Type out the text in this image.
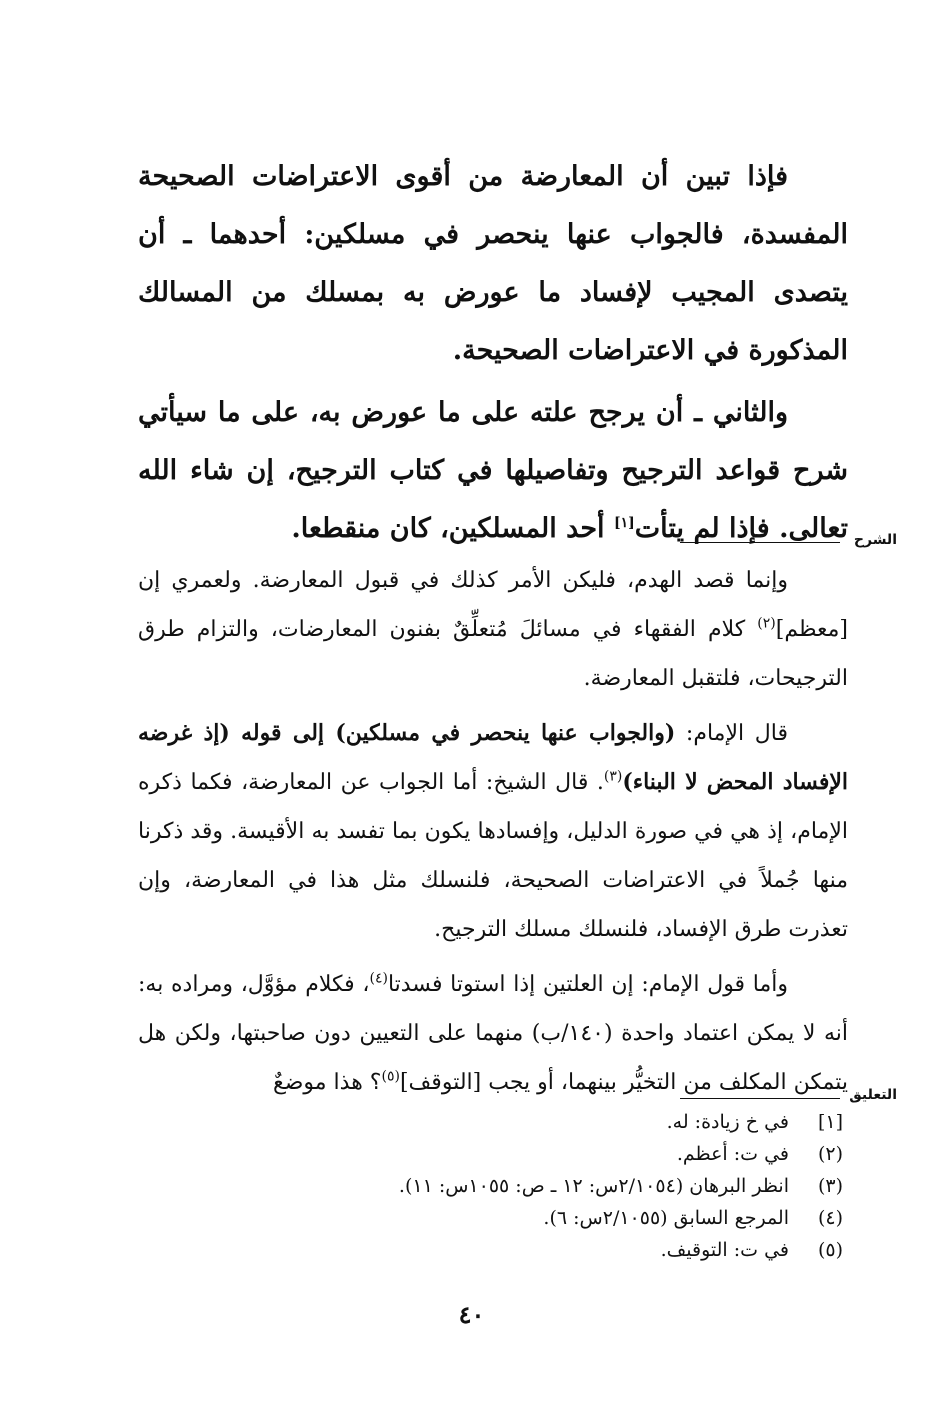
فإذا تبين أن المعارضة من أقوى الاعتراضات الصحيحة المفسدة، فالجواب عنها ينحصر في مسلكين: أحدهما ـ أن يتصدى المجيب لإفساد ما عورض به بمسلك من المسالك المذكورة في الاعتراضات الصحيحة.

والثاني ـ أن يرجح علته على ما عورض به، على ما سيأتي شرح قواعد الترجيح وتفاصيلها في كتاب الترجيح، إن شاء الله تعالى. فإذا لم يتأت[١] أحد المسلكين، كان منقطعا.	الشرح

وإنما قصد الهدم، فليكن الأمر كذلك في قبول المعارضة. ولعمري إن [معظم]$^{(٢)}$ كلام الفقهاء في مسائلَ مُتعلِّقٌ بفنون المعارضات، والتزام طرق الترجيحات، فلتقبل المعارضة.

قال الإمام: (والجواب عنها ينحصر في مسلكين) إلى قوله (إذ غرضه الإفساد المحض لا البناء)$^{(٣)}$. قال الشيخ: أما الجواب عن المعارضة، فكما ذكره الإمام، إذ هي في صورة الدليل، وإفسادها يكون بما تفسد به الأقيسة. وقد ذكرنا منها جُملاً في الاعتراضات الصحيحة، فلنسلك مثل هذا في المعارضة، وإن تعذرت طرق الإفساد، فلنسلك مسلك الترجيح.

وأما قول الإمام: إن العلتين إذا استوتا فسدتا$^{(٤)}$، فكلام مؤوَّل، ومراده به: أنه لا يمكن اعتماد واحدة (١٤٠/ب) منهما على التعيين دون صاحبتها، ولكن هل يتمكن المكلف من التخيُّر بينهما، أو يجب [التوقف]$^{(٥)}$؟ هذا موضعٌ	التعليق
[١]
في خ زيادة: له.
(٢)
في ت: أعظم.
(٣)
انظر البرهان (٢/١٠٥٤س: ١٢ ـ ص: ١٠٥٥س: ١١).
(٤)
المرجع السابق (٢/١٠٥٥س: ٦).
(٥)
في ت: التوقيف.
٤٠
